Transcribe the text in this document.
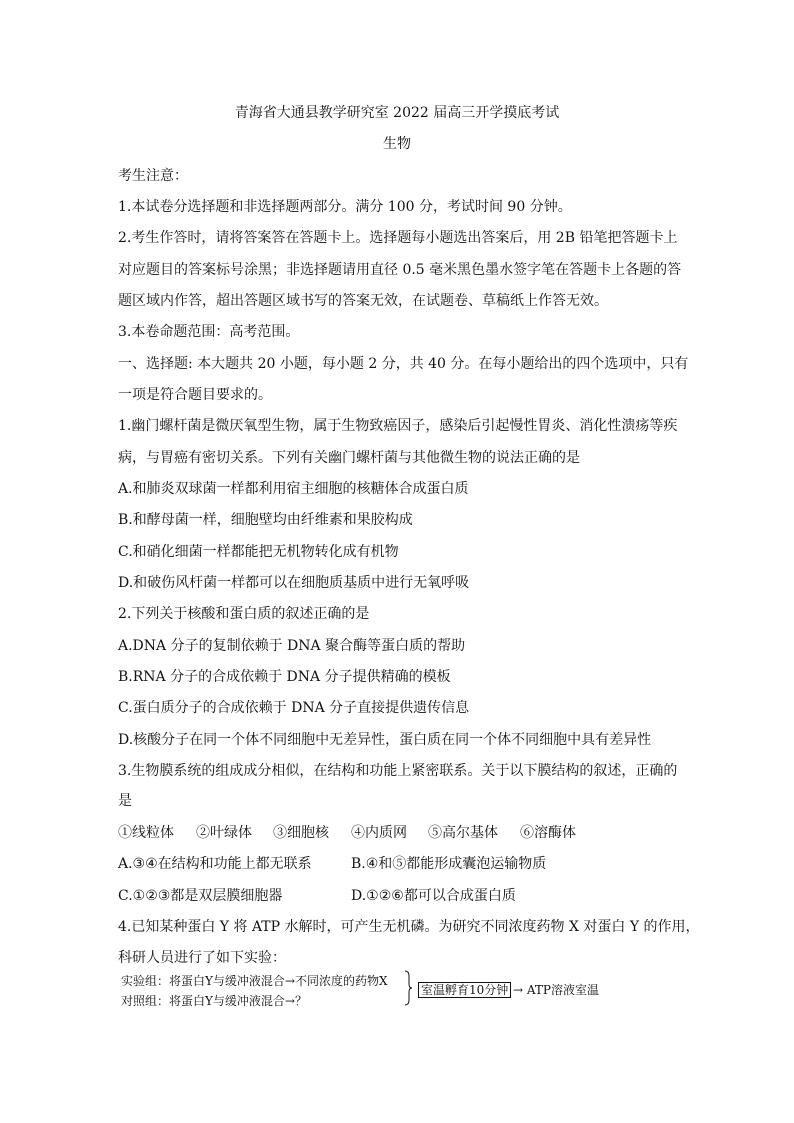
青海省大通县教学研究室 2022 届高三开学摸底考试
生物
考生注意：
1.本试卷分选择题和非选择题两部分。满分 100 分，考试时间 90 分钟。
2.考生作答时，请将答案答在答题卡上。选择题每小题选出答案后，用 2B 铅笔把答题卡上
对应题目的答案标号涂黑；非选择题请用直径 0.5 毫米黑色墨水签字笔在答题卡上各题的答
题区域内作答，超出答题区域书写的答案无效，在试题卷、草稿纸上作答无效。
3.本卷命题范围：高考范围。
一、选择题: 本大题共 20 小题，每小题 2 分，共 40 分。在每小题给出的四个选项中，只有
一项是符合题目要求的。
1.幽门螺杆菌是微厌氧型生物，属于生物致癌因子，感染后引起慢性胃炎、消化性溃疡等疾
病，与胃癌有密切关系。下列有关幽门螺杆菌与其他微生物的说法正确的是
A.和肺炎双球菌一样都利用宿主细胞的核糖体合成蛋白质
B.和酵母菌一样，细胞壁均由纤维素和果胶构成
C.和硝化细菌一样都能把无机物转化成有机物
D.和破伤风杆菌一样都可以在细胞质基质中进行无氧呼吸
2.下列关于核酸和蛋白质的叙述正确的是
A.DNA 分子的复制依赖于 DNA 聚合酶等蛋白质的帮助
B.RNA 分子的合成依赖于 DNA 分子提供精确的模板
C.蛋白质分子的合成依赖于 DNA 分子直接提供遗传信息
D.核酸分子在同一个体不同细胞中无差异性，蛋白质在同一个体不同细胞中具有差异性
3.生物膜系统的组成成分相似，在结构和功能上紧密联系。关于以下膜结构的叙述，正确的
是
①线粒体 ②叶绿体 ③细胞核 ④内质网 ⑤高尔基体 ⑥溶酶体
A.③④在结构和功能上都无联系	B.④和⑤都能形成囊泡运输物质
C.①②③都是双层膜细胞器	D.①②⑥都可以合成蛋白质
4.已知某种蛋白 Y 将 ATP 水解时，可产生无机磷。为研究不同浓度药物 X 对蛋白 Y 的作用，
科研人员进行了如下实验：
实验组：将蛋白Y与缓冲液混合→不同浓度的药物X
对照组：将蛋白Y与缓冲液混合→？
室温孵育10分钟 → ATP溶液室温
